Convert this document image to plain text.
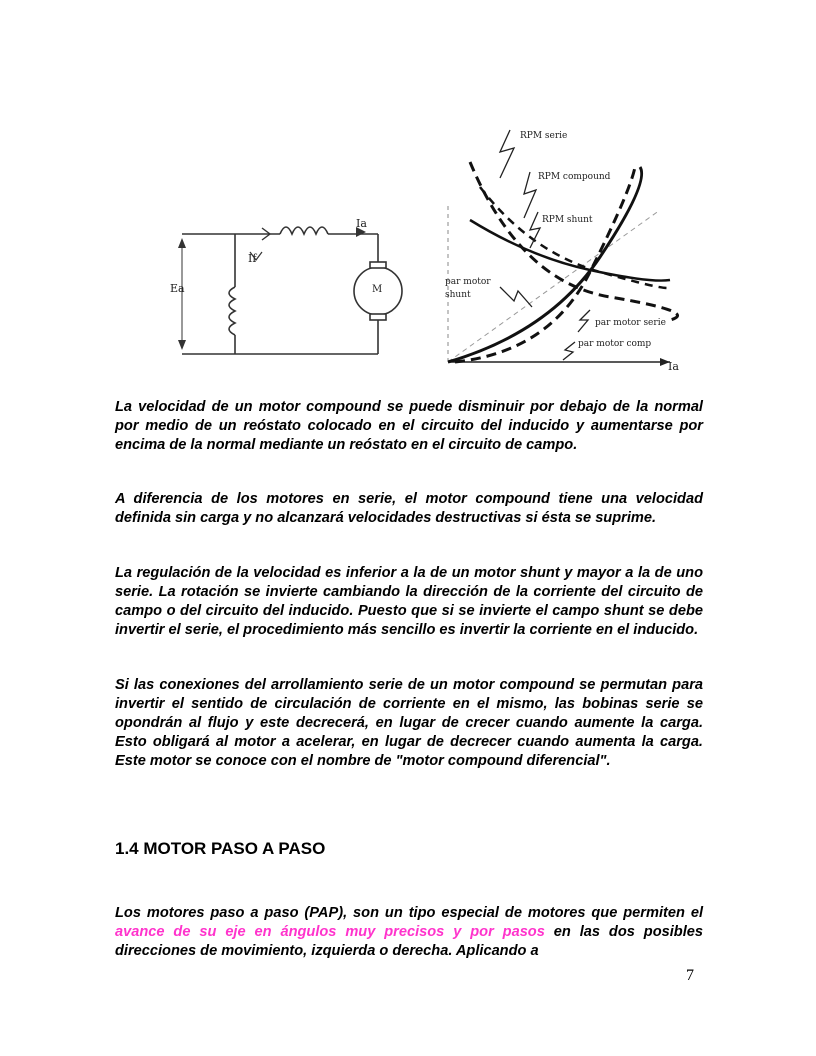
Ia
If
Ea	M
RPM serie
RPM compound
RPM shunt
par motor
shunt
par motor serie
par motor comp
Ia

La velocidad de un motor compound se puede disminuir por debajo de la normal por medio de un reóstato colocado en el circuito del inducido y aumentarse por encima de la normal mediante un reóstato en el circuito de campo.

A diferencia de los motores en serie, el motor compound tiene una velocidad definida sin carga y no alcanzará velocidades destructivas si ésta se suprime.

La regulación de la velocidad es inferior a la de un motor shunt y mayor a la de uno serie. La rotación se invierte cambiando la dirección de la corriente del circuito de campo o del circuito del inducido. Puesto que si se invierte el campo shunt se debe invertir el serie, el procedimiento más sencillo es invertir la corriente en el inducido.

Si las conexiones del arrollamiento serie de un motor compound se permutan para invertir el sentido de circulación de corriente en el mismo, las bobinas serie se opondrán al flujo y este decrecerá, en lugar de crecer cuando aumente la carga. Esto obligará al motor a acelerar, en lugar de decrecer cuando aumenta la carga. Este motor se conoce con el nombre de "motor compound diferencial".

1.4 MOTOR PASO A PASO

Los motores paso a paso (PAP), son un tipo especial de motores que permiten el avance de su eje en ángulos muy precisos y por pasos en las dos posibles direcciones de movimiento, izquierda o derecha. Aplicando a

7
